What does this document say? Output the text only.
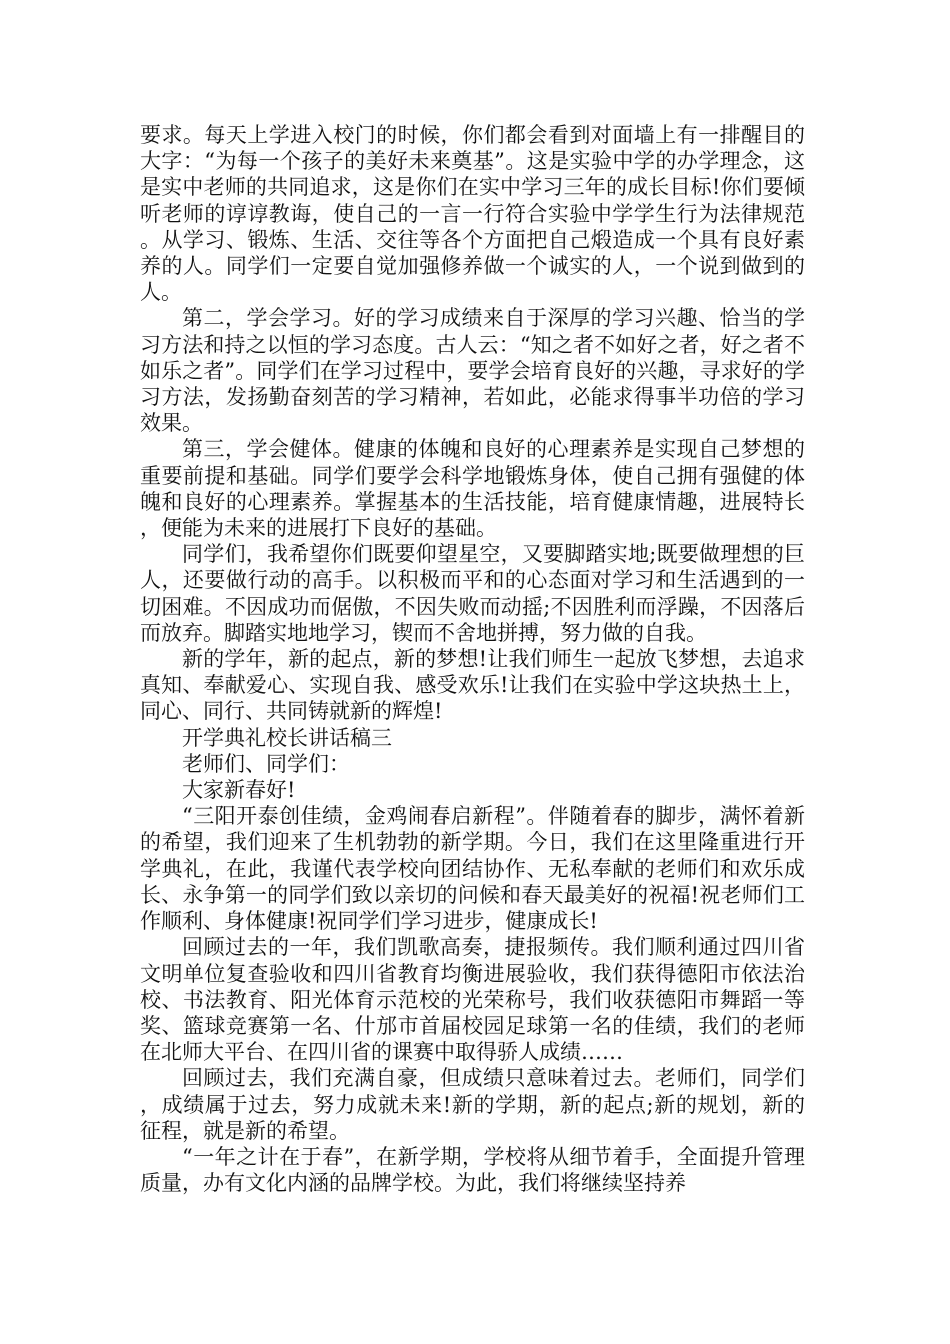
要求。每天上学进入校门的时候，你们都会看到对面墙上有一排醒目的大字：“为每一个孩子的美好未来奠基”。这是实验中学的办学理念，这是实中老师的共同追求，这是你们在实中学习三年的成长目标!你们要倾听老师的谆谆教诲，使自己的一言一行符合实验中学学生行为法律规范。从学习、锻炼、生活、交往等各个方面把自己煅造成一个具有良好素养的人。同学们一定要自觉加强修养做一个诚实的人，一个说到做到的人。

第二，学会学习。好的学习成绩来自于深厚的学习兴趣、恰当的学习方法和持之以恒的学习态度。古人云：“知之者不如好之者，好之者不如乐之者”。同学们在学习过程中，要学会培育良好的兴趣，寻求好的学习方法，发扬勤奋刻苦的学习精神，若如此，必能求得事半功倍的学习效果。

第三，学会健体。健康的体魄和良好的心理素养是实现自己梦想的重要前提和基础。同学们要学会科学地锻炼身体，使自己拥有强健的体魄和良好的心理素养。掌握基本的生活技能，培育健康情趣，进展特长，便能为未来的进展打下良好的基础。

同学们，我希望你们既要仰望星空，又要脚踏实地;既要做理想的巨人，还要做行动的高手。以积极而平和的心态面对学习和生活遇到的一切困难。不因成功而倨傲，不因失败而动摇;不因胜利而浮躁，不因落后而放弃。脚踏实地地学习，锲而不舍地拼搏，努力做的自我。

新的学年，新的起点，新的梦想!让我们师生一起放飞梦想，去追求真知、奉献爱心、实现自我、感受欢乐!让我们在实验中学这块热土上，同心、同行、共同铸就新的辉煌!

开学典礼校长讲话稿三

老师们、同学们：

大家新春好!

“三阳开泰创佳绩，金鸡闹春启新程”。伴随着春的脚步，满怀着新的希望，我们迎来了生机勃勃的新学期。今日，我们在这里隆重进行开学典礼，在此，我谨代表学校向团结协作、无私奉献的老师们和欢乐成长、永争第一的同学们致以亲切的问候和春天最美好的祝福!祝老师们工作顺利、身体健康!祝同学们学习进步，健康成长!

回顾过去的一年，我们凯歌高奏，捷报频传。我们顺利通过四川省文明单位复查验收和四川省教育均衡进展验收，我们获得德阳市依法治校、书法教育、阳光体育示范校的光荣称号，我们收获德阳市舞蹈一等奖、篮球竞赛第一名、什邡市首届校园足球第一名的佳绩，我们的老师在北师大平台、在四川省的课赛中取得骄人成绩……

回顾过去，我们充满自豪，但成绩只意味着过去。老师们，同学们，成绩属于过去，努力成就未来!新的学期，新的起点;新的规划，新的征程，就是新的希望。

“一年之计在于春”，在新学期，学校将从细节着手，全面提升管理质量，办有文化内涵的品牌学校。为此，我们将继续坚持养
